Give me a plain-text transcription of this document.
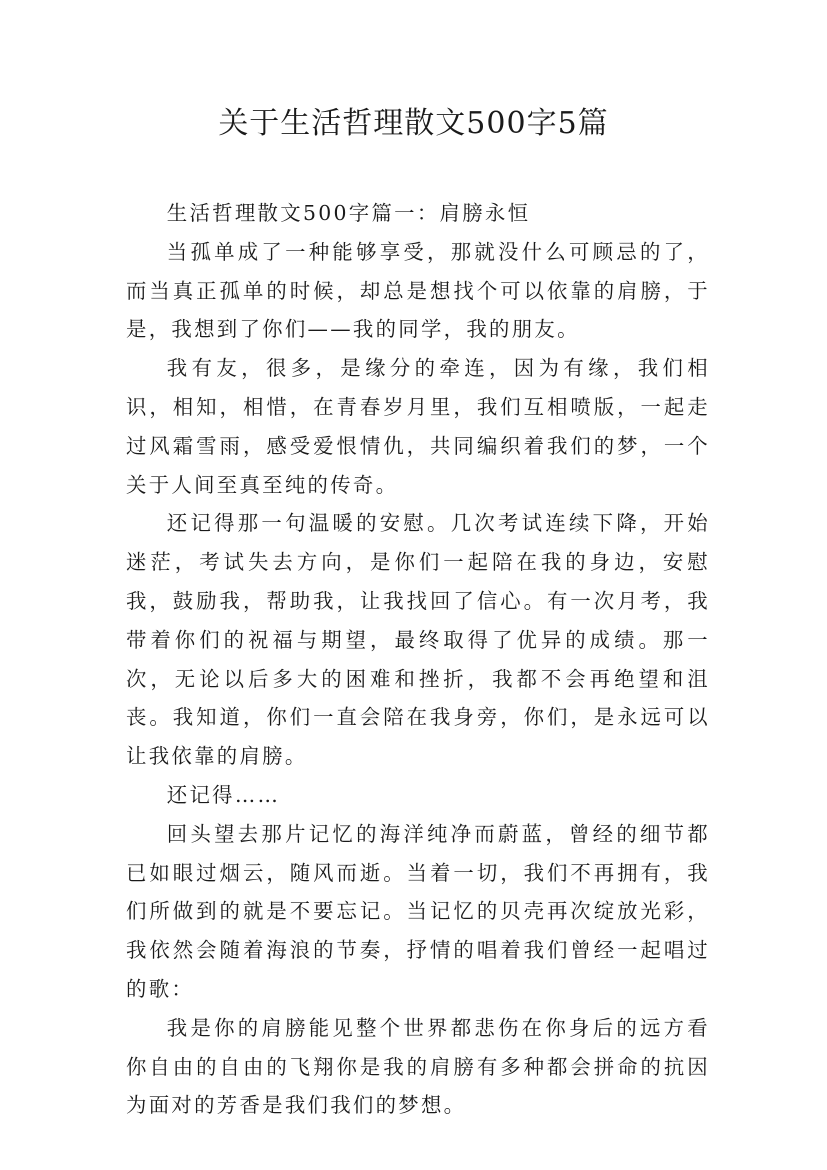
关于生活哲理散文500字5篇

生活哲理散文500字篇一：肩膀永恒

当孤单成了一种能够享受，那就没什么可顾忌的了，而当真正孤单的时候，却总是想找个可以依靠的肩膀，于是，我想到了你们——我的同学，我的朋友。

我有友，很多，是缘分的牵连，因为有缘，我们相识，相知，相惜，在青春岁月里，我们互相喷版，一起走过风霜雪雨，感受爱恨情仇，共同编织着我们的梦，一个关于人间至真至纯的传奇。

还记得那一句温暖的安慰。几次考试连续下降，开始迷茫，考试失去方向，是你们一起陪在我的身边，安慰我，鼓励我，帮助我，让我找回了信心。有一次月考，我带着你们的祝福与期望，最终取得了优异的成绩。那一次，无论以后多大的困难和挫折，我都不会再绝望和沮丧。我知道，你们一直会陪在我身旁，你们，是永远可以让我依靠的肩膀。

还记得……

回头望去那片记忆的海洋纯净而蔚蓝，曾经的细节都已如眼过烟云，随风而逝。当着一切，我们不再拥有，我们所做到的就是不要忘记。当记忆的贝壳再次绽放光彩，我依然会随着海浪的节奏，抒情的唱着我们曾经一起唱过的歌：

我是你的肩膀能见整个世界都悲伤在你身后的远方看你自由的自由的飞翔你是我的肩膀有多种都会拼命的抗因为面对的芳香是我们我们的梦想。
